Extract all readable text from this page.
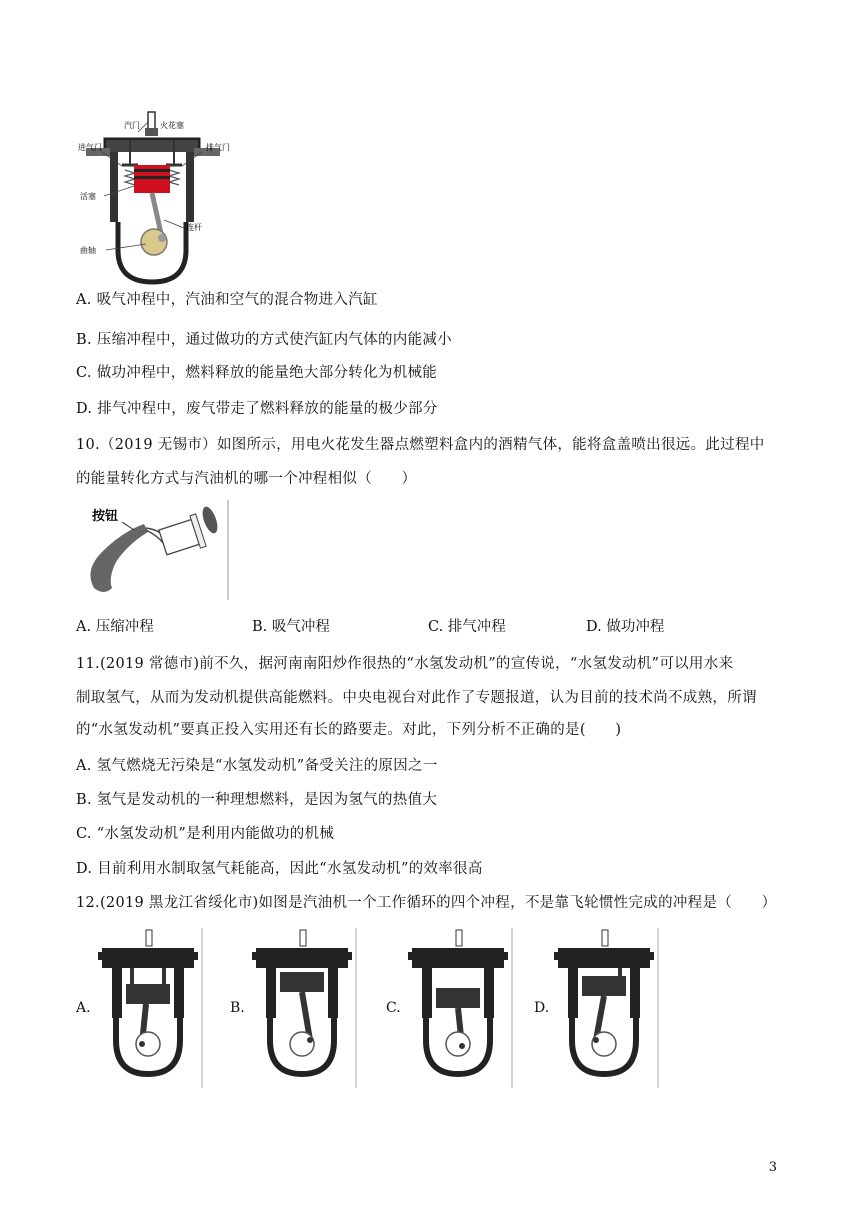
汽门	火花塞
进气门	排气门
活塞
曲轴
连杆
A. 吸气冲程中，汽油和空气的混合物进入汽缸
B. 压缩冲程中，通过做功的方式使汽缸内气体的内能减小
C. 做功冲程中，燃料释放的能量绝大部分转化为机械能
D. 排气冲程中，废气带走了燃料释放的能量的极少部分
10.（2019 无锡市）如图所示，用电火花发生器点燃塑料盒内的酒精气体，能将盒盖喷出很远。此过程中
的能量转化方式与汽油机的哪一个冲程相似（　　）
按钮
A. 压缩冲程	B. 吸气冲程	C. 排气冲程	D. 做功冲程
11.(2019 常德市)前不久，据河南南阳炒作很热的“水氢发动机”的宣传说，“水氢发动机”可以用水来
制取氢气，从而为发动机提供高能燃料。中央电视台对此作了专题报道，认为目前的技术尚不成熟，所谓
的“水氢发动机”要真正投入实用还有长的路要走。对此，下列分析不正确的是(　　)
A. 氢气燃烧无污染是“水氢发动机”备受关注的原因之一
B. 氢气是发动机的一种理想燃料，是因为氢气的热值大
C. “水氢发动机”是利用内能做功的机械
D. 目前利用水制取氢气耗能高，因此“水氢发动机”的效率很高
12.(2019 黑龙江省绥化市)如图是汽油机一个工作循环的四个冲程，不是靠飞轮惯性完成的冲程是（　　）
A.	B.	C.	D.
3
